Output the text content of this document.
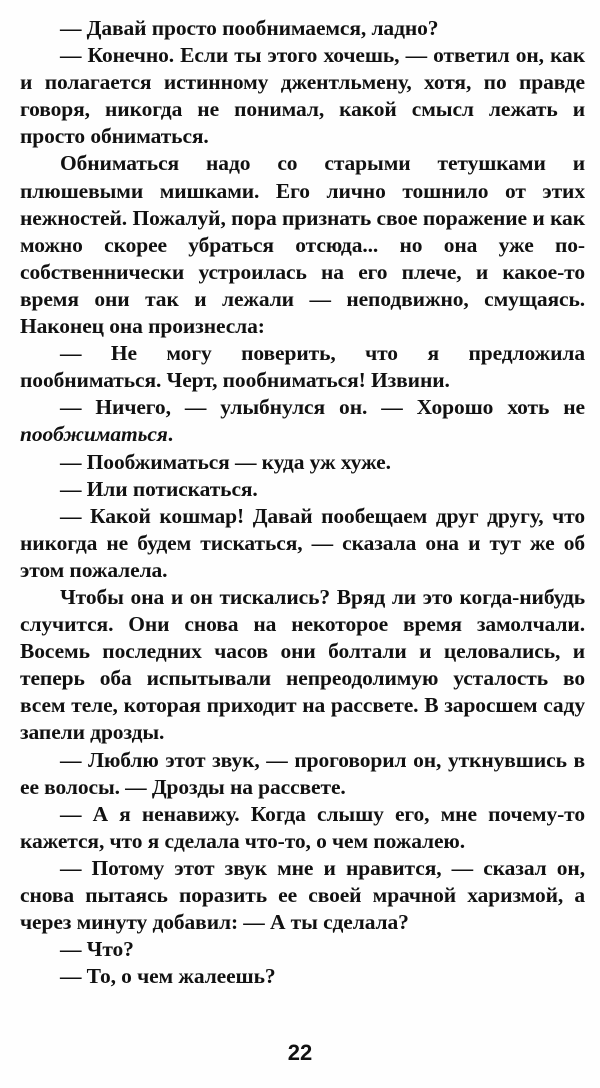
— Давай просто пообнимаемся, ладно?

— Конечно. Если ты этого хочешь, — ответил он, как и полагается истинному джентльмену, хотя, по правде говоря, никогда не понимал, какой смысл лежать и просто обниматься.

Обниматься надо со старыми тетушками и плюшевыми мишками. Его лично тошнило от этих нежностей. Пожалуй, пора признать свое поражение и как можно скорее убраться отсюда... но она уже по-собственнически устроилась на его плече, и какое-то время они так и лежали — неподвижно, смущаясь. Наконец она произнесла:

— Не могу поверить, что я предложила пообниматься. Черт, пообниматься! Извини.

— Ничего, — улыбнулся он. — Хорошо хоть не пообжиматься.

— Пообжиматься — куда уж хуже.

— Или потискаться.

— Какой кошмар! Давай пообещаем друг другу, что никогда не будем тискаться, — сказала она и тут же об этом пожалела.

Чтобы она и он тискались? Вряд ли это когда-нибудь случится. Они снова на некоторое время замолчали. Восемь последних часов они болтали и целовались, и теперь оба испытывали непреодолимую усталость во всем теле, которая приходит на рассвете. В заросшем саду запели дрозды.

— Люблю этот звук, — проговорил он, уткнувшись в ее волосы. — Дрозды на рассвете.

— А я ненавижу. Когда слышу его, мне почему-то кажется, что я сделала что-то, о чем пожалею.

— Потому этот звук мне и нравится, — сказал он, снова пытаясь поразить ее своей мрачной харизмой, а через минуту добавил: — А ты сделала?

— Что?

— То, о чем жалеешь?

22
